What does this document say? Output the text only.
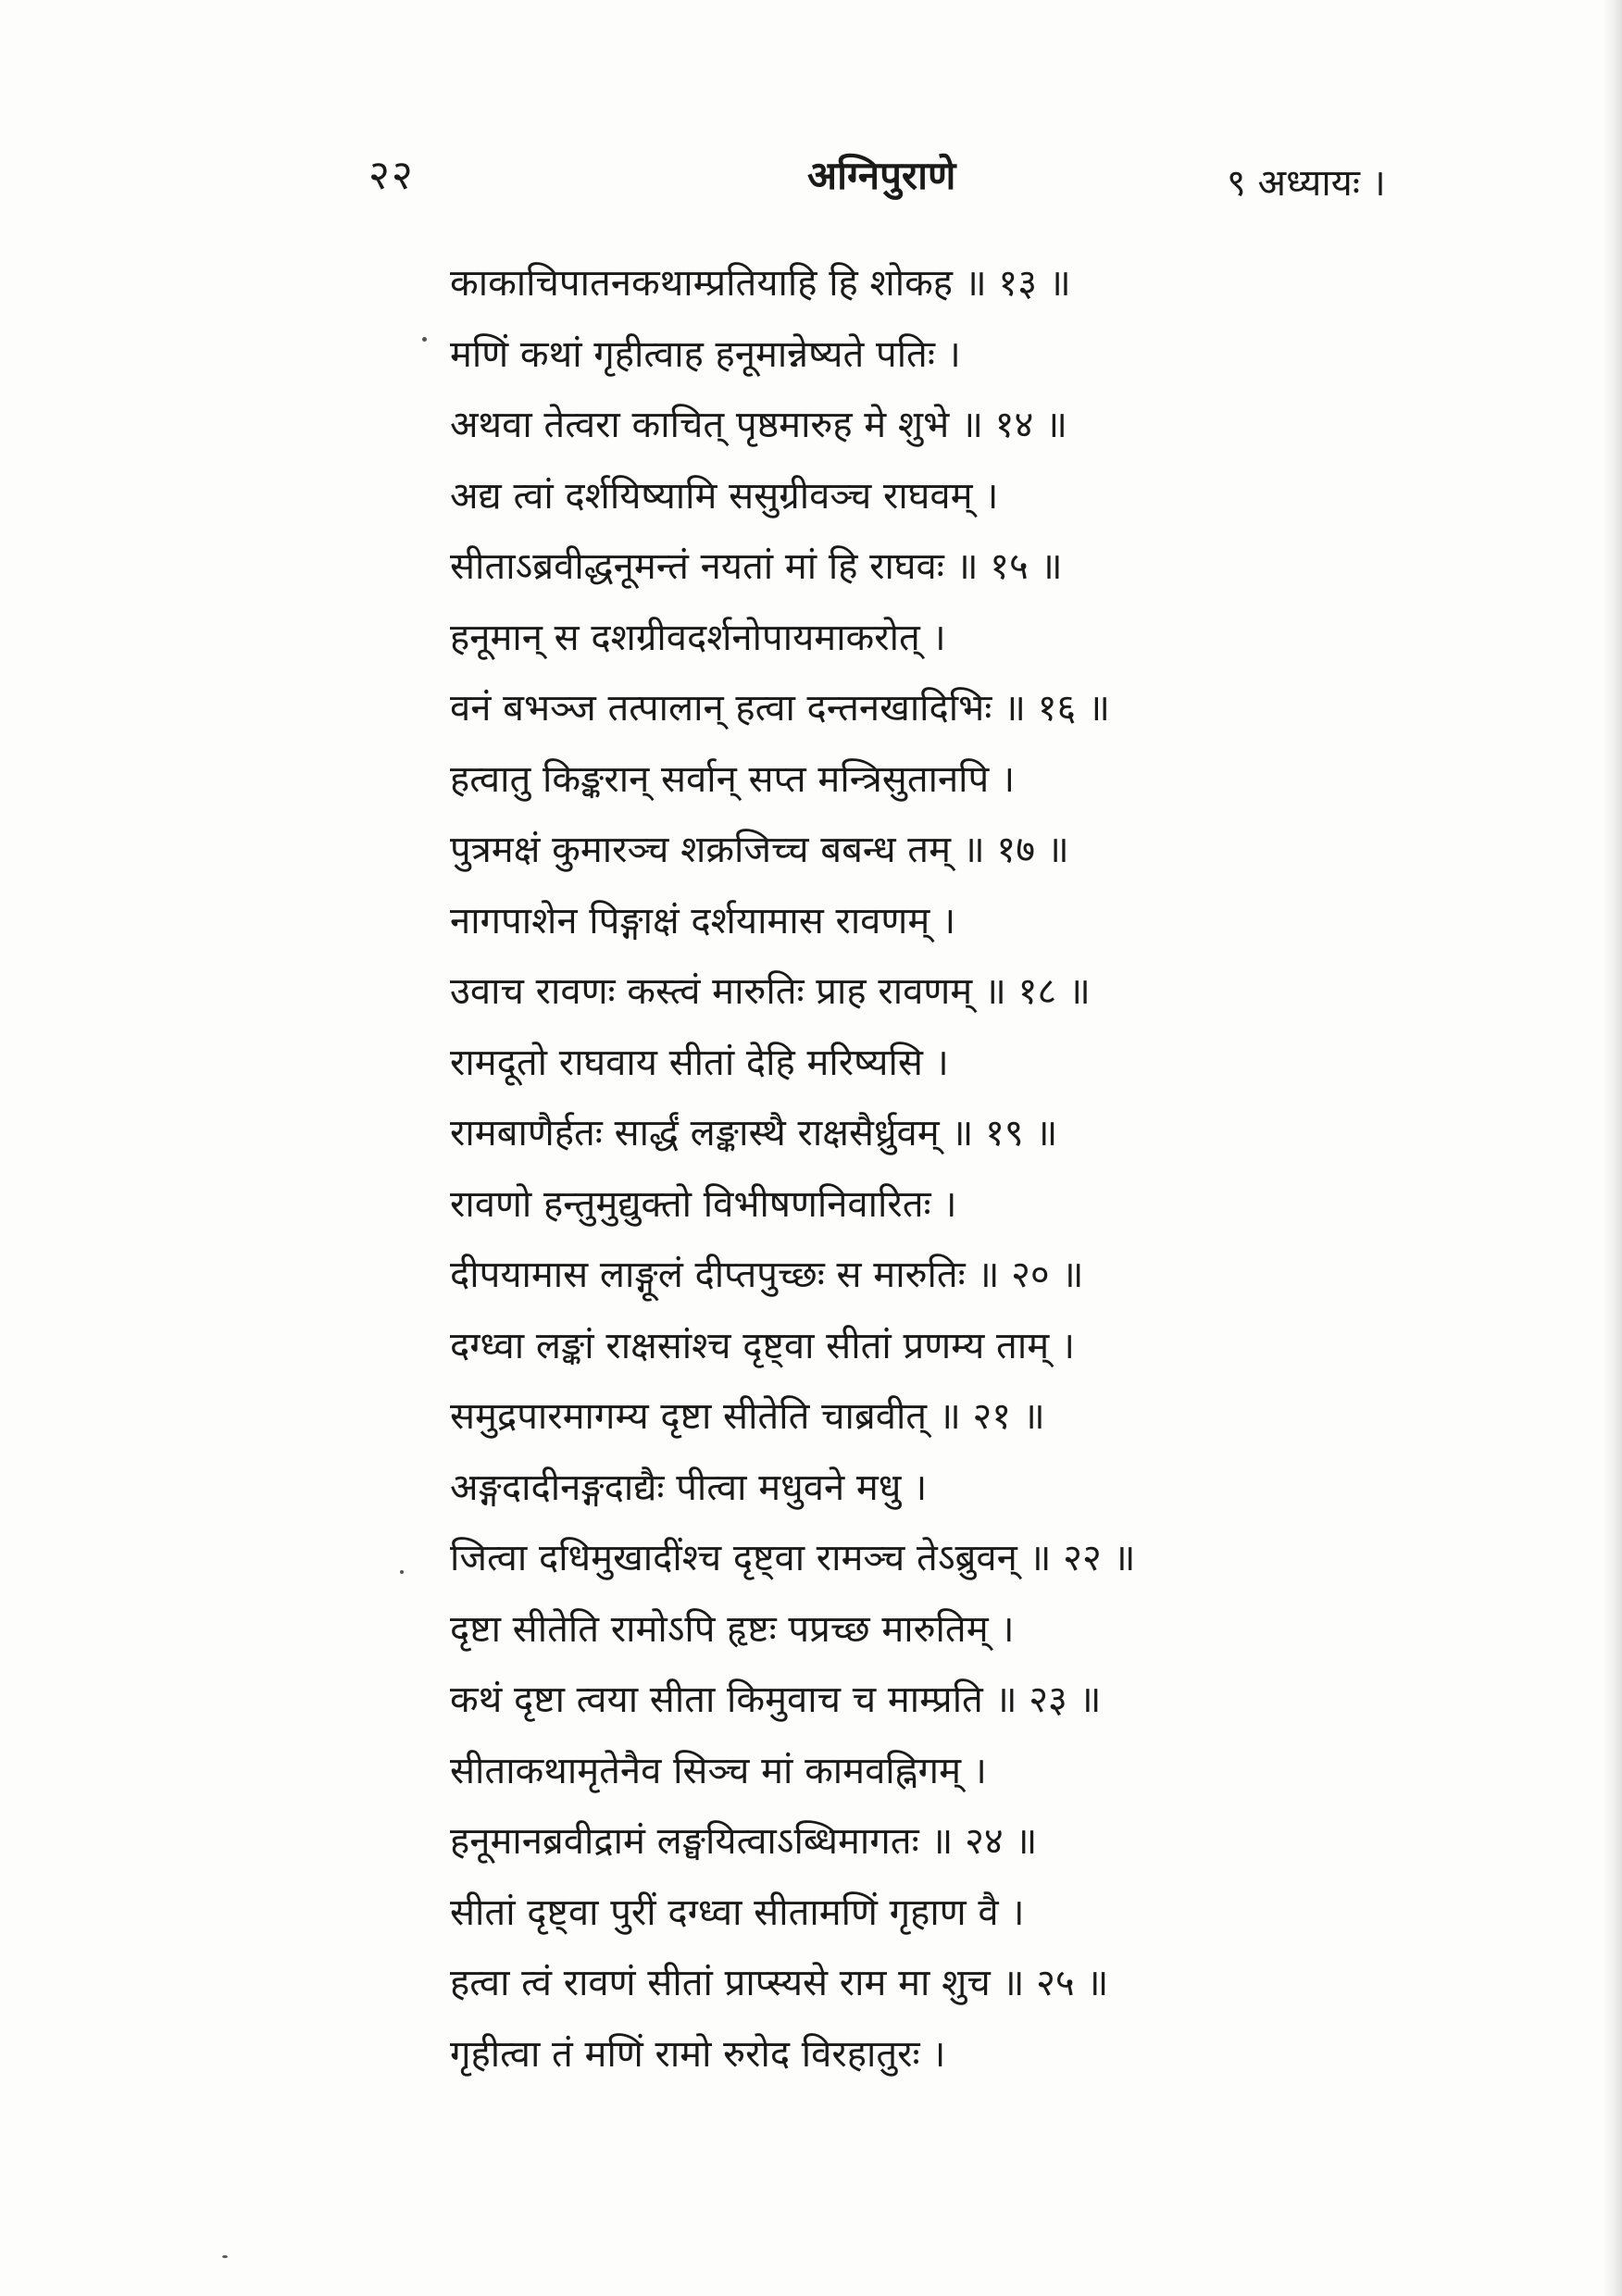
२२	अग्निपुराणे	९ अध्यायः ।
काकाचिपातनकथाम्प्रतियाहि हि शोकह ॥ १३ ॥
मणिं कथां गृहीत्वाह हनूमान्नेष्यते पतिः ।
अथवा तेत्वरा काचित् पृष्ठमारुह मे शुभे ॥ १४ ॥
अद्य त्वां दर्शयिष्यामि ससुग्रीवञ्च राघवम् ।
सीताऽब्रवीद्धनूमन्तं नयतां मां हि राघवः ॥ १५ ॥
हनूमान् स दशग्रीवदर्शनोपायमाकरोत् ।
वनं बभञ्ज तत्पालान् हत्वा दन्तनखादिभिः ॥ १६ ॥
हत्वातु किङ्करान् सर्वान् सप्त मन्त्रिसुतानपि ।
पुत्रमक्षं कुमारञ्च शक्रजिच्च बबन्ध तम् ॥ १७ ॥
नागपाशेन पिङ्गाक्षं दर्शयामास रावणम् ।
उवाच रावणः कस्त्वं मारुतिः प्राह रावणम् ॥ १८ ॥
रामदूतो राघवाय सीतां देहि मरिष्यसि ।
रामबाणैर्हतः सार्द्धं लङ्कास्थै राक्षसैर्ध्रुवम् ॥ १९ ॥
रावणो हन्तुमुद्युक्तो विभीषणनिवारितः ।
दीपयामास लाङ्गूलं दीप्तपुच्छः स मारुतिः ॥ २० ॥
दग्ध्वा लङ्कां राक्षसांश्च दृष्ट्वा सीतां प्रणम्य ताम् ।
समुद्रपारमागम्य दृष्टा सीतेति चाब्रवीत् ॥ २१ ॥
अङ्गदादीनङ्गदाद्यैः पीत्वा मधुवने मधु ।
जित्वा दधिमुखादींश्च दृष्ट्वा रामञ्च तेऽब्रुवन् ॥ २२ ॥
दृष्टा सीतेति रामोऽपि हृष्टः पप्रच्छ मारुतिम् ।
कथं दृष्टा त्वया सीता किमुवाच च माम्प्रति ॥ २३ ॥
सीताकथामृतेनैव सिञ्च मां कामवह्निगम् ।
हनूमानब्रवीद्रामं लङ्घयित्वाऽब्धिमागतः ॥ २४ ॥
सीतां दृष्ट्वा पुरीं दग्ध्वा सीतामणिं गृहाण वै ।
हत्वा त्वं रावणं सीतां प्राप्स्यसे राम मा शुच ॥ २५ ॥
गृहीत्वा तं मणिं रामो रुरोद विरहातुरः ।
